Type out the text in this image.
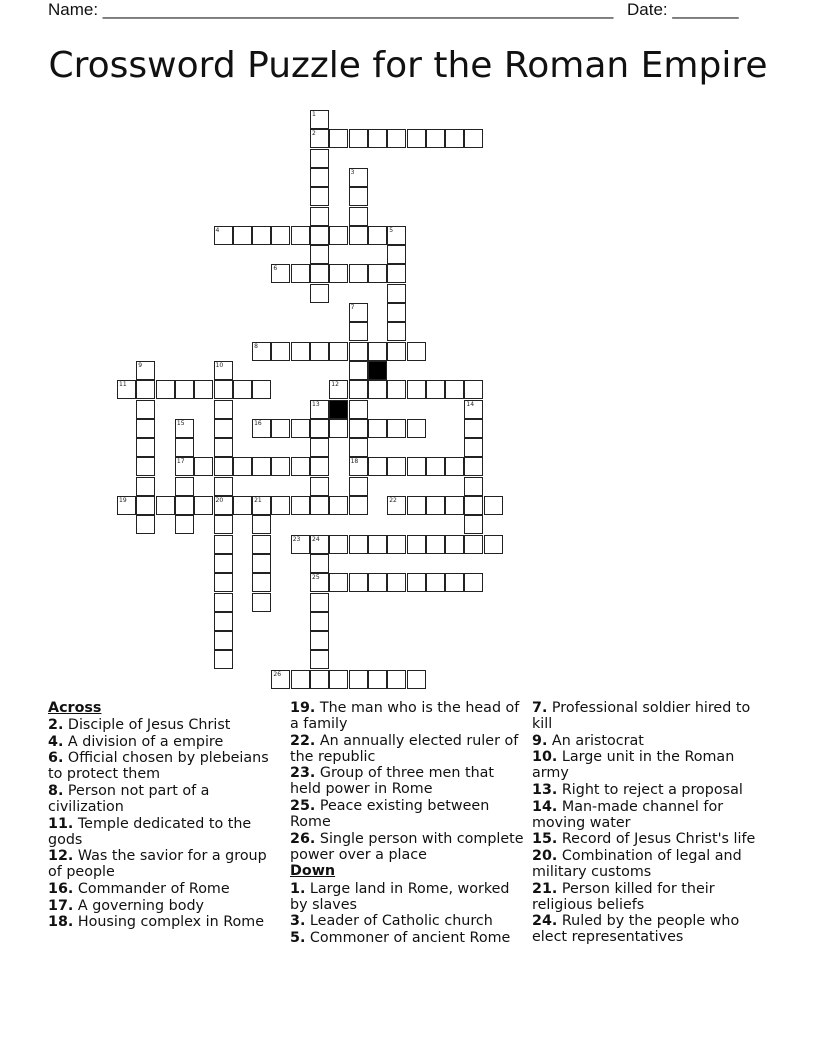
Name: ______________________________________________________ Date: _______
Crossword Puzzle for the Roman Empire
1
2
3
4	5
6
7
18
8
9	10
20
11	12
13	14
15
17
16
19	21	22
23 24
25
26
Across
2. Disciple of Jesus Christ
4. A division of a empire
6. Official chosen by plebeians to protect them
8. Person not part of a civilization
11. Temple dedicated to the gods
12. Was the savior for a group of people
16. Commander of Rome
17. A governing body
18. Housing complex in Rome
19. The man who is the head of a family
22. An annually elected ruler of the republic
23. Group of three men that held power in Rome
25. Peace existing between Rome
26. Single person with complete power over a place
Down
1. Large land in Rome, worked by slaves
3. Leader of Catholic church
5. Commoner of ancient Rome
7. Professional soldier hired to kill
9. An aristocrat
10. Large unit in the Roman army
13. Right to reject a proposal
14. Man-made channel for moving water
15. Record of Jesus Christ's life
20. Combination of legal and military customs
21. Person killed for their religious beliefs
24. Ruled by the people who elect representatives
